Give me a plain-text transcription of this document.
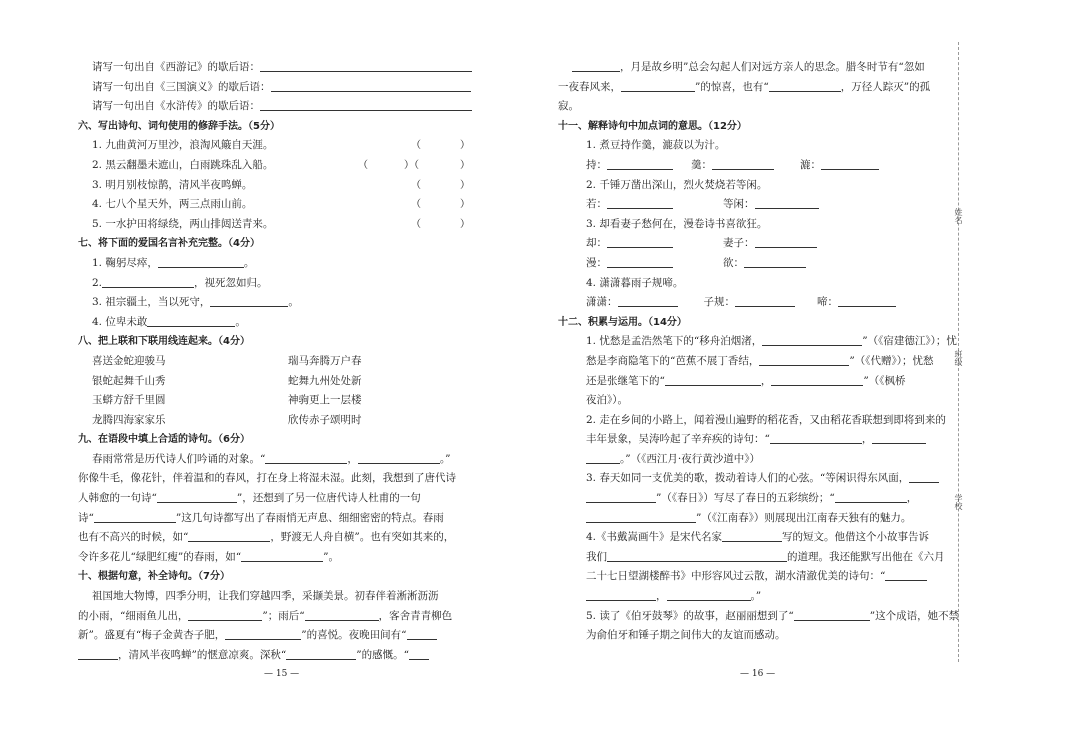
请写一句出自《西游记》的歇后语：
请写一句出自《三国演义》的歇后语：
请写一句出自《水浒传》的歇后语：
六、写出诗句、词句使用的修辞手法。（5分）
1. 九曲黄河万里沙，浪淘风簸自天涯。	（	）
2. 黑云翻墨未遮山，白雨跳珠乱入船。	（	）（	）
3. 明月别枝惊鹊，清风半夜鸣蝉。	（	）
4. 七八个星天外，两三点雨山前。	（	）
5. 一水护田将绿绕，两山排闼送青来。	（	）
七、将下面的爱国名言补充完整。（4分）
1. 鞠躬尽瘁，	。
2.	，视死忽如归。
3. 祖宗疆土，当以死守，	。
4. 位卑未敢	。
八、把上联和下联用线连起来。（4分）
喜送金蛇迎骏马	瑞马奔腾万户春
银蛇起舞千山秀	蛇舞九州处处新
玉蟒方舒千里圆	神驹更上一层楼
龙腾四海家家乐	欣传赤子颂明时
九、在语段中填上合适的诗句。（6分）
春雨常常是历代诗人们吟诵的对象。“	，	。”
你像牛毛，像花针，伴着温和的春风，打在身上将湿未湿。此刻，我想到了唐代诗
人韩愈的一句诗“	”，还想到了另一位唐代诗人杜甫的一句
诗“	”这几句诗都写出了春雨悄无声息、细细密密的特点。春雨
也有不高兴的时候，如“	，野渡无人舟自横”。也有突如其来的，
令许多花儿“绿肥红瘦”的春雨，如“	”。
十、根据句意，补全诗句。（7分）
祖国地大物博，四季分明，让我们穿越四季，采撷美景。初春伴着淅淅沥沥
的小雨，“细雨鱼儿出，	”；雨后“	，客舍青青柳色
新”。盛夏有“梅子金黄杏子肥，	”的喜悦。夜晚田间有“
，清风半夜鸣蝉”的惬意凉爽。深秋“	”的感慨。“
— 15 —
，月是故乡明”总会勾起人们对远方亲人的思念。腊冬时节有“忽如
一夜春风来，	”的惊喜，也有“	，万径人踪灭”的孤
寂。
十一、解释诗句中加点词的意思。（12分）
1. 煮豆持作羹，漉菽以为汁。
持：	羹：	漉：
2. 千锤万凿出深山，烈火焚烧若等闲。
若：	等闲：
3. 却看妻子愁何在，漫卷诗书喜欲狂。
却：	妻子：
漫：	欲：
4. 潇潇暮雨子规啼。
潇潇：	子规：	啼：
十二、积累与运用。（14分）
1. 忧愁是孟浩然笔下的“移舟泊烟渚，	”（《宿建德江》）；忧
愁是李商隐笔下的“芭蕉不展丁香结，	”（《代赠》）；忧愁
还是张继笔下的“	，	”（《枫桥
夜泊》）。
2. 走在乡间的小路上，闻着漫山遍野的稻花香，又由稻花香联想到即将到来的
丰年景象，吴涛吟起了辛弃疾的诗句：“	，
。”（《西江月·夜行黄沙道中》）
3. 春天如同一支优美的歌，拨动着诗人们的心弦。“等闲识得东风面，
”（《春日》）写尽了春日的五彩缤纷；“	，
”（《江南春》）则展现出江南春天独有的魅力。
4.《书戴嵩画牛》是宋代名家	写的短文。他借这个小故事告诉
我们	的道理。我还能默写出他在《六月
二十七日望湖楼醉书》中形容风过云散，湖水清澈优美的诗句：“
，	。”
5. 读了《伯牙鼓琴》的故事，赵丽丽想到了“	”这个成语，她不禁
为俞伯牙和锤子期之间伟大的友谊而感动。
— 16 —
姓名
班级
学校
